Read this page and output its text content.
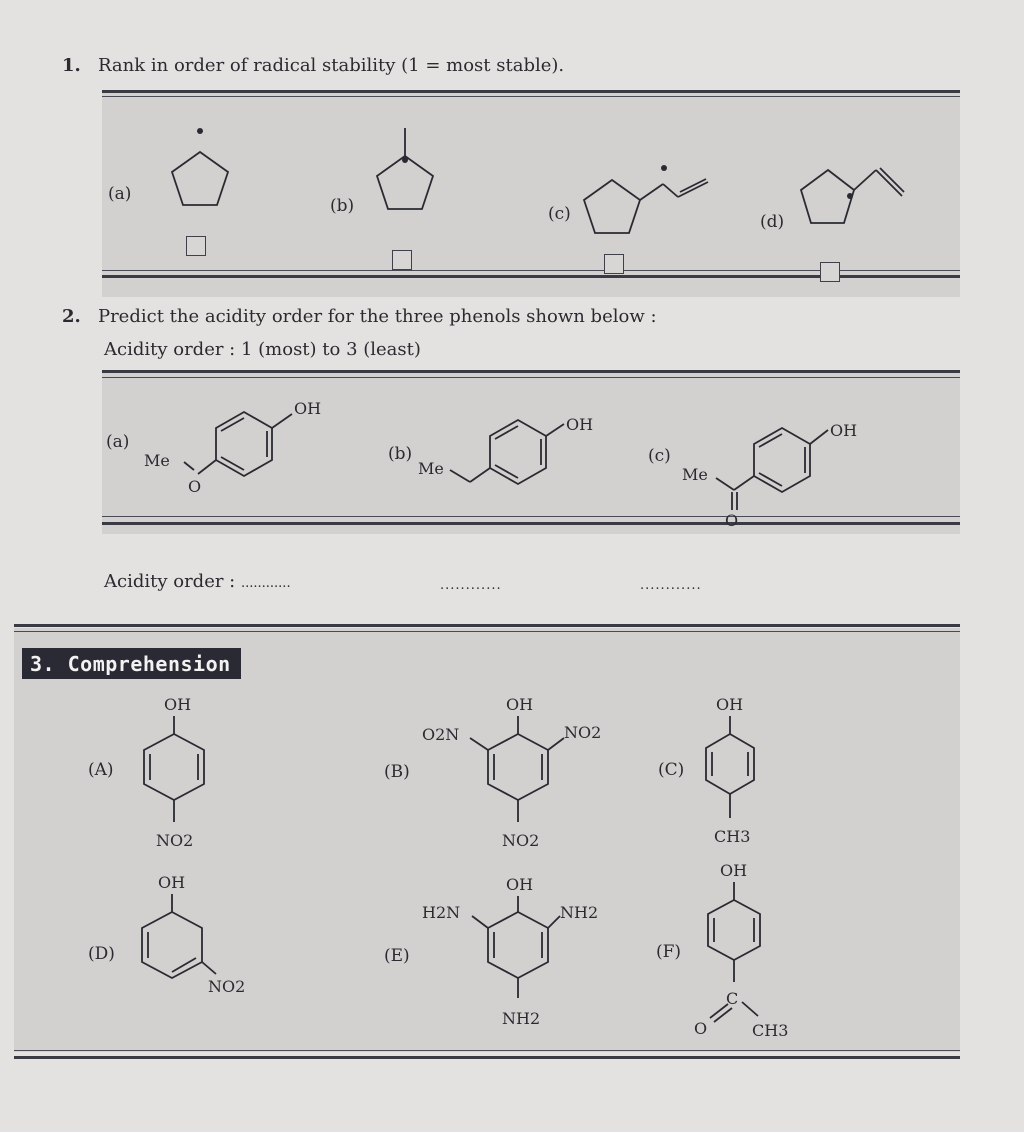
1. Rank in order of radical stability (1 = most stable).
(a)
(b)	(c)	(d)
2. Predict the acidity order for the three phenols shown below :
Acidity order : 1 (most) to 3 (least)
(a)
Me
O
OH
(b)
Me
OH
(c)
Me
O
OH
Acidity order : ............	............	............
3. Comprehension
(A)
OH
NO2
(B)
OH
O2N	NO2
NO2
(C)
OH
CH3
(D)
OH
NO2
(E)
OH
H2N	NH2
NH2
(F)
OH
C
O	CH3
